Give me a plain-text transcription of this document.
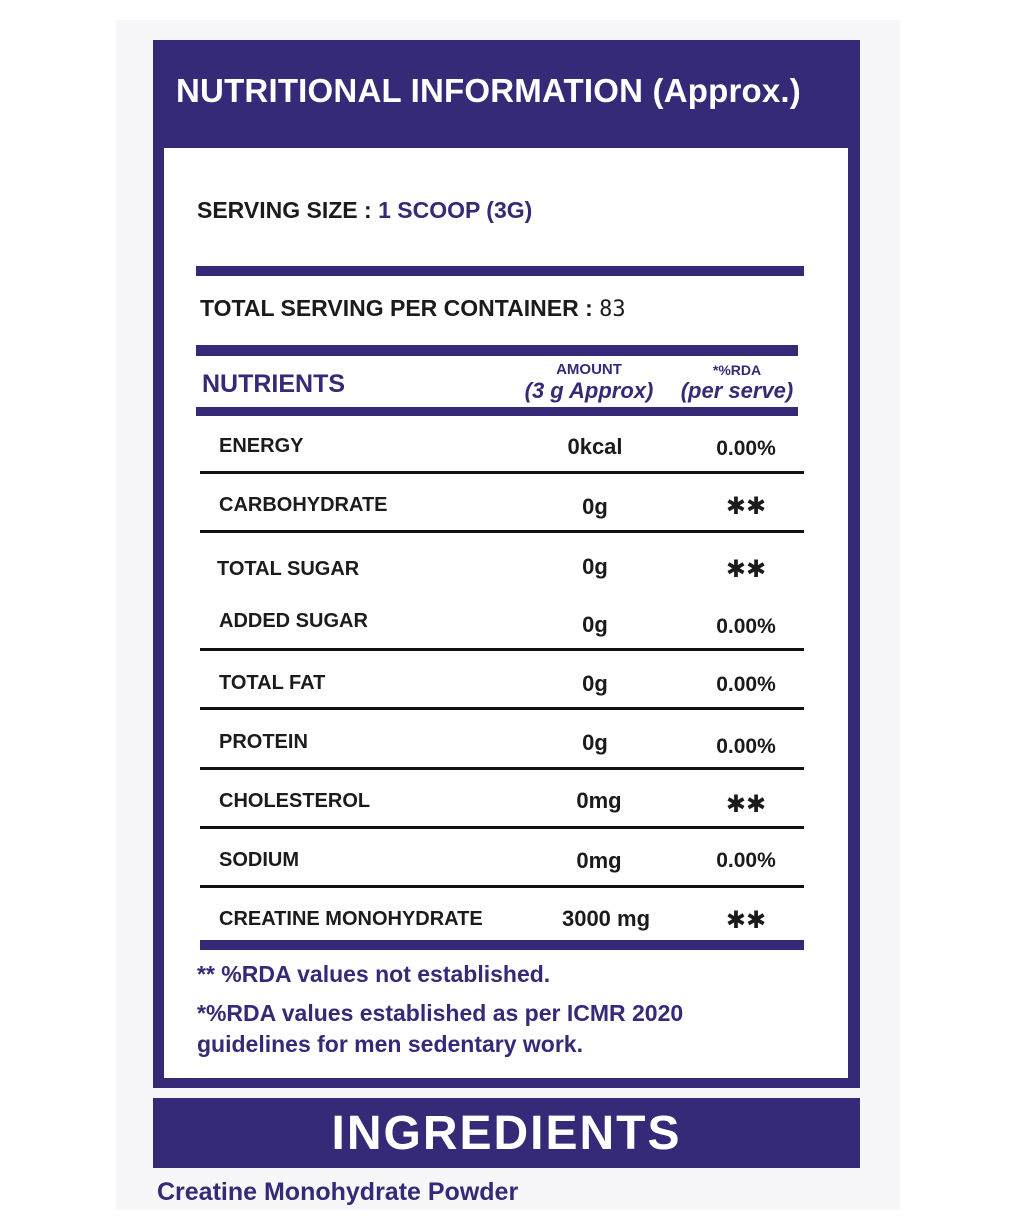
NUTRITIONAL INFORMATION (Approx.)
SERVING SIZE : 1 SCOOP (3G)
TOTAL SERVING PER CONTAINER : 83
NUTRIENTS
AMOUNT
(3 g Approx)
*%RDA
(per serve)
ENERGY	0kcal	0.00%
CARBOHYDRATE	0g	✱✱
TOTAL SUGAR	0g	✱✱
ADDED SUGAR	0g	0.00%
TOTAL FAT	0g	0.00%
PROTEIN	0g	0.00%
CHOLESTEROL	0mg	✱✱
SODIUM	0mg	0.00%
CREATINE MONOHYDRATE	3000 mg	✱✱
** %RDA values not established.
*%RDA values established as per ICMR 2020 guidelines for men sedentary work.
INGREDIENTS
Creatine Monohydrate Powder
